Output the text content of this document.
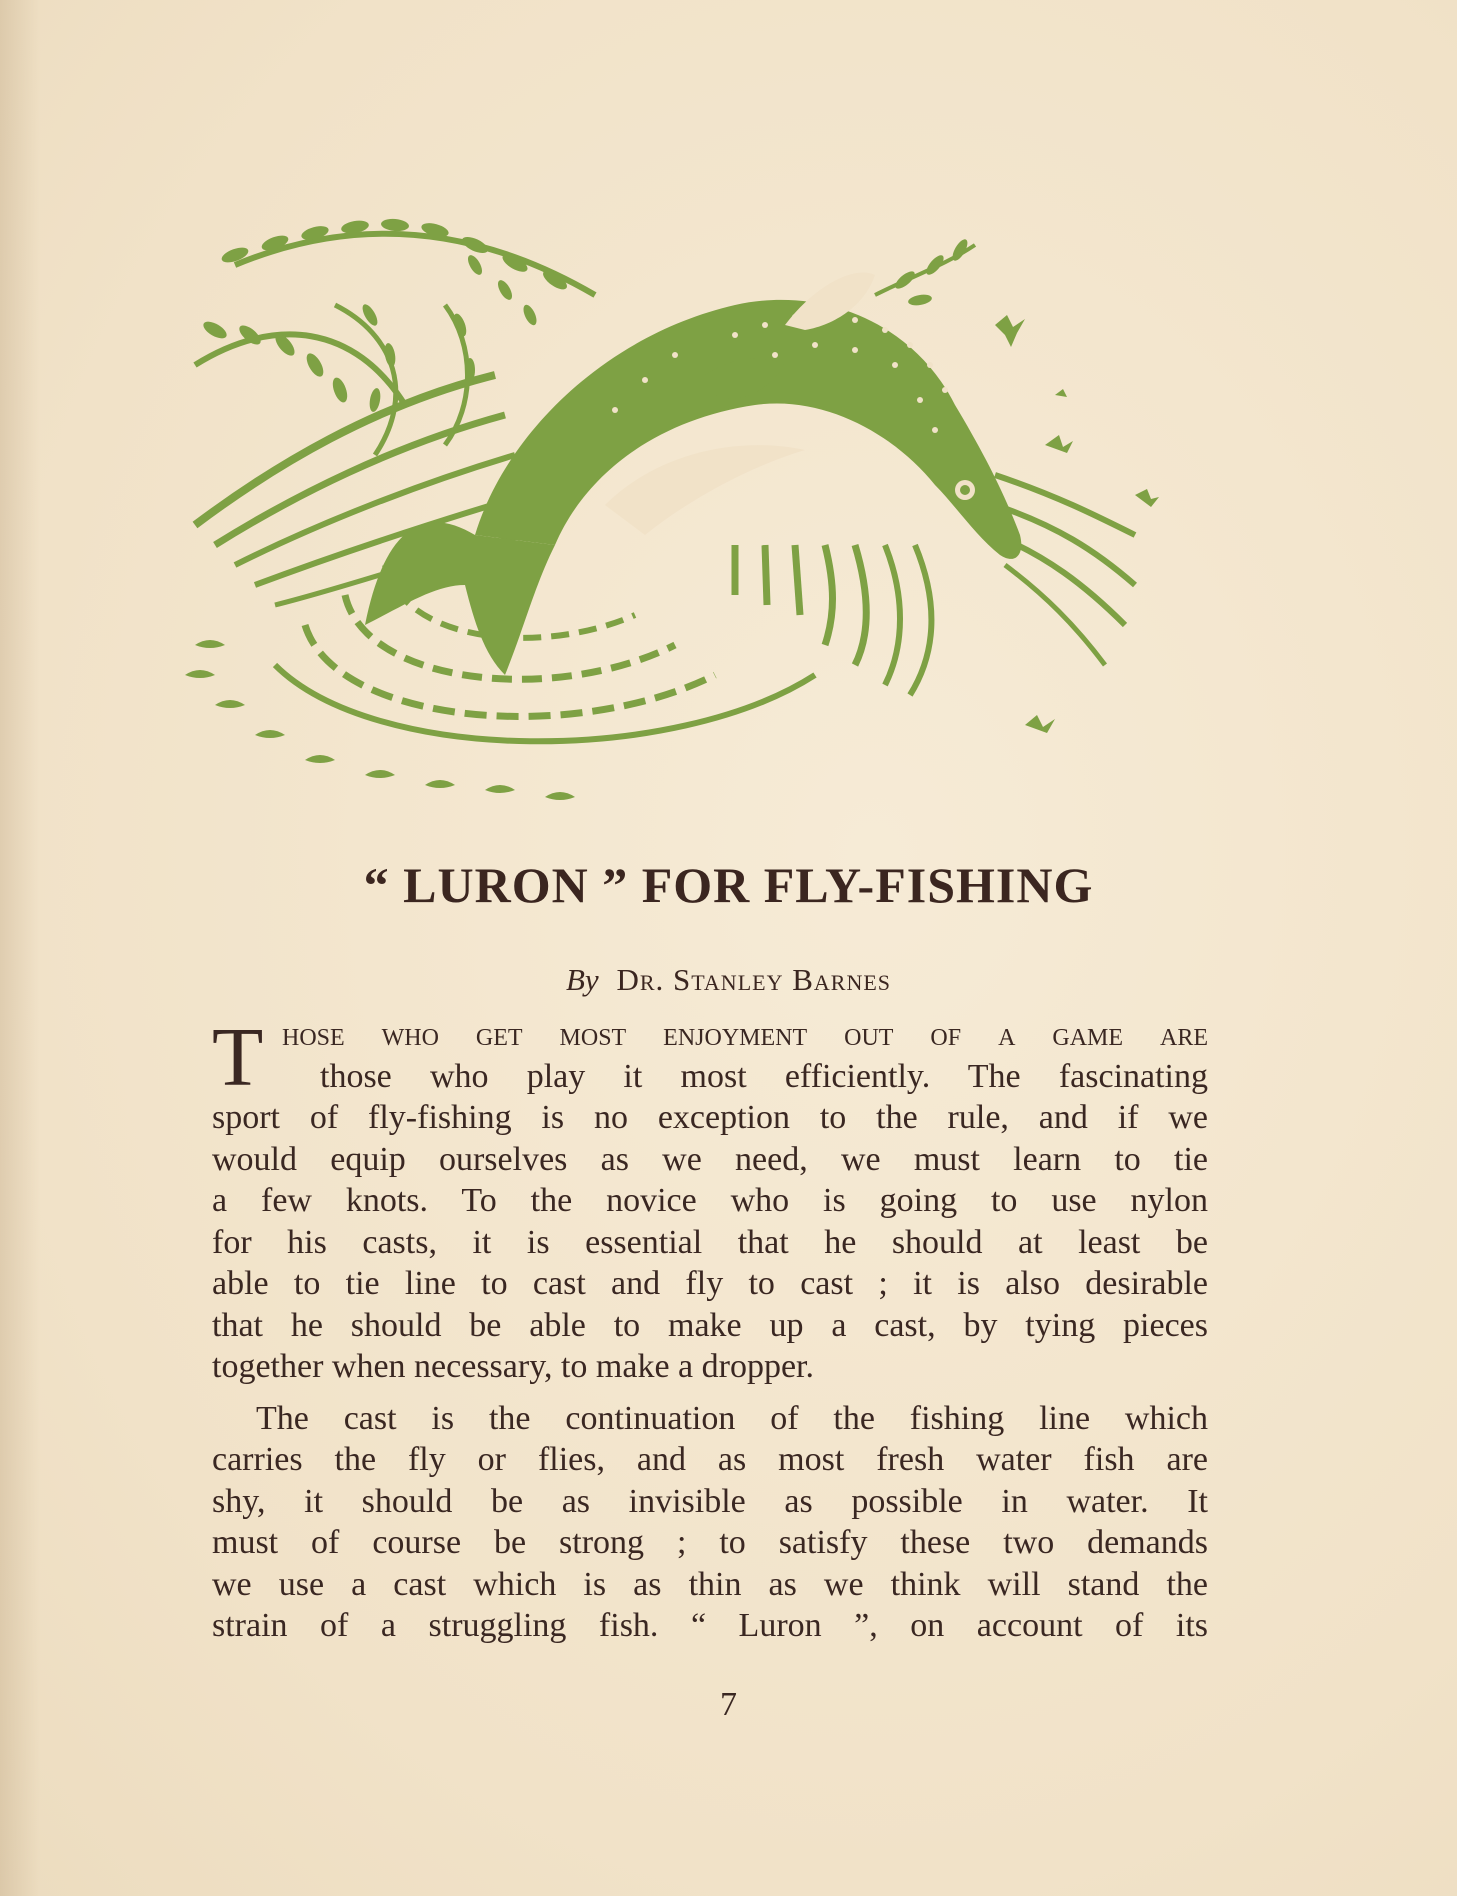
“ LURON ” FOR FLY-FISHING

By Dr. Stanley Barnes

T hose who get most enjoyment out of a game are
those who play it most efficiently. The fascinating
sport of fly-fishing is no exception to the rule, and if we
would equip ourselves as we need, we must learn to tie
a few knots. To the novice who is going to use nylon
for his casts, it is essential that he should at least be
able to tie line to cast and fly to cast ; it is also desirable
that he should be able to make up a cast, by tying pieces
together when necessary, to make a dropper.
The cast is the continuation of the fishing line which
carries the fly or flies, and as most fresh water fish are
shy, it should be as invisible as possible in water. It
must of course be strong ; to satisfy these two demands
we use a cast which is as thin as we think will stand the
strain of a struggling fish. “ Luron ”, on account of its
7
